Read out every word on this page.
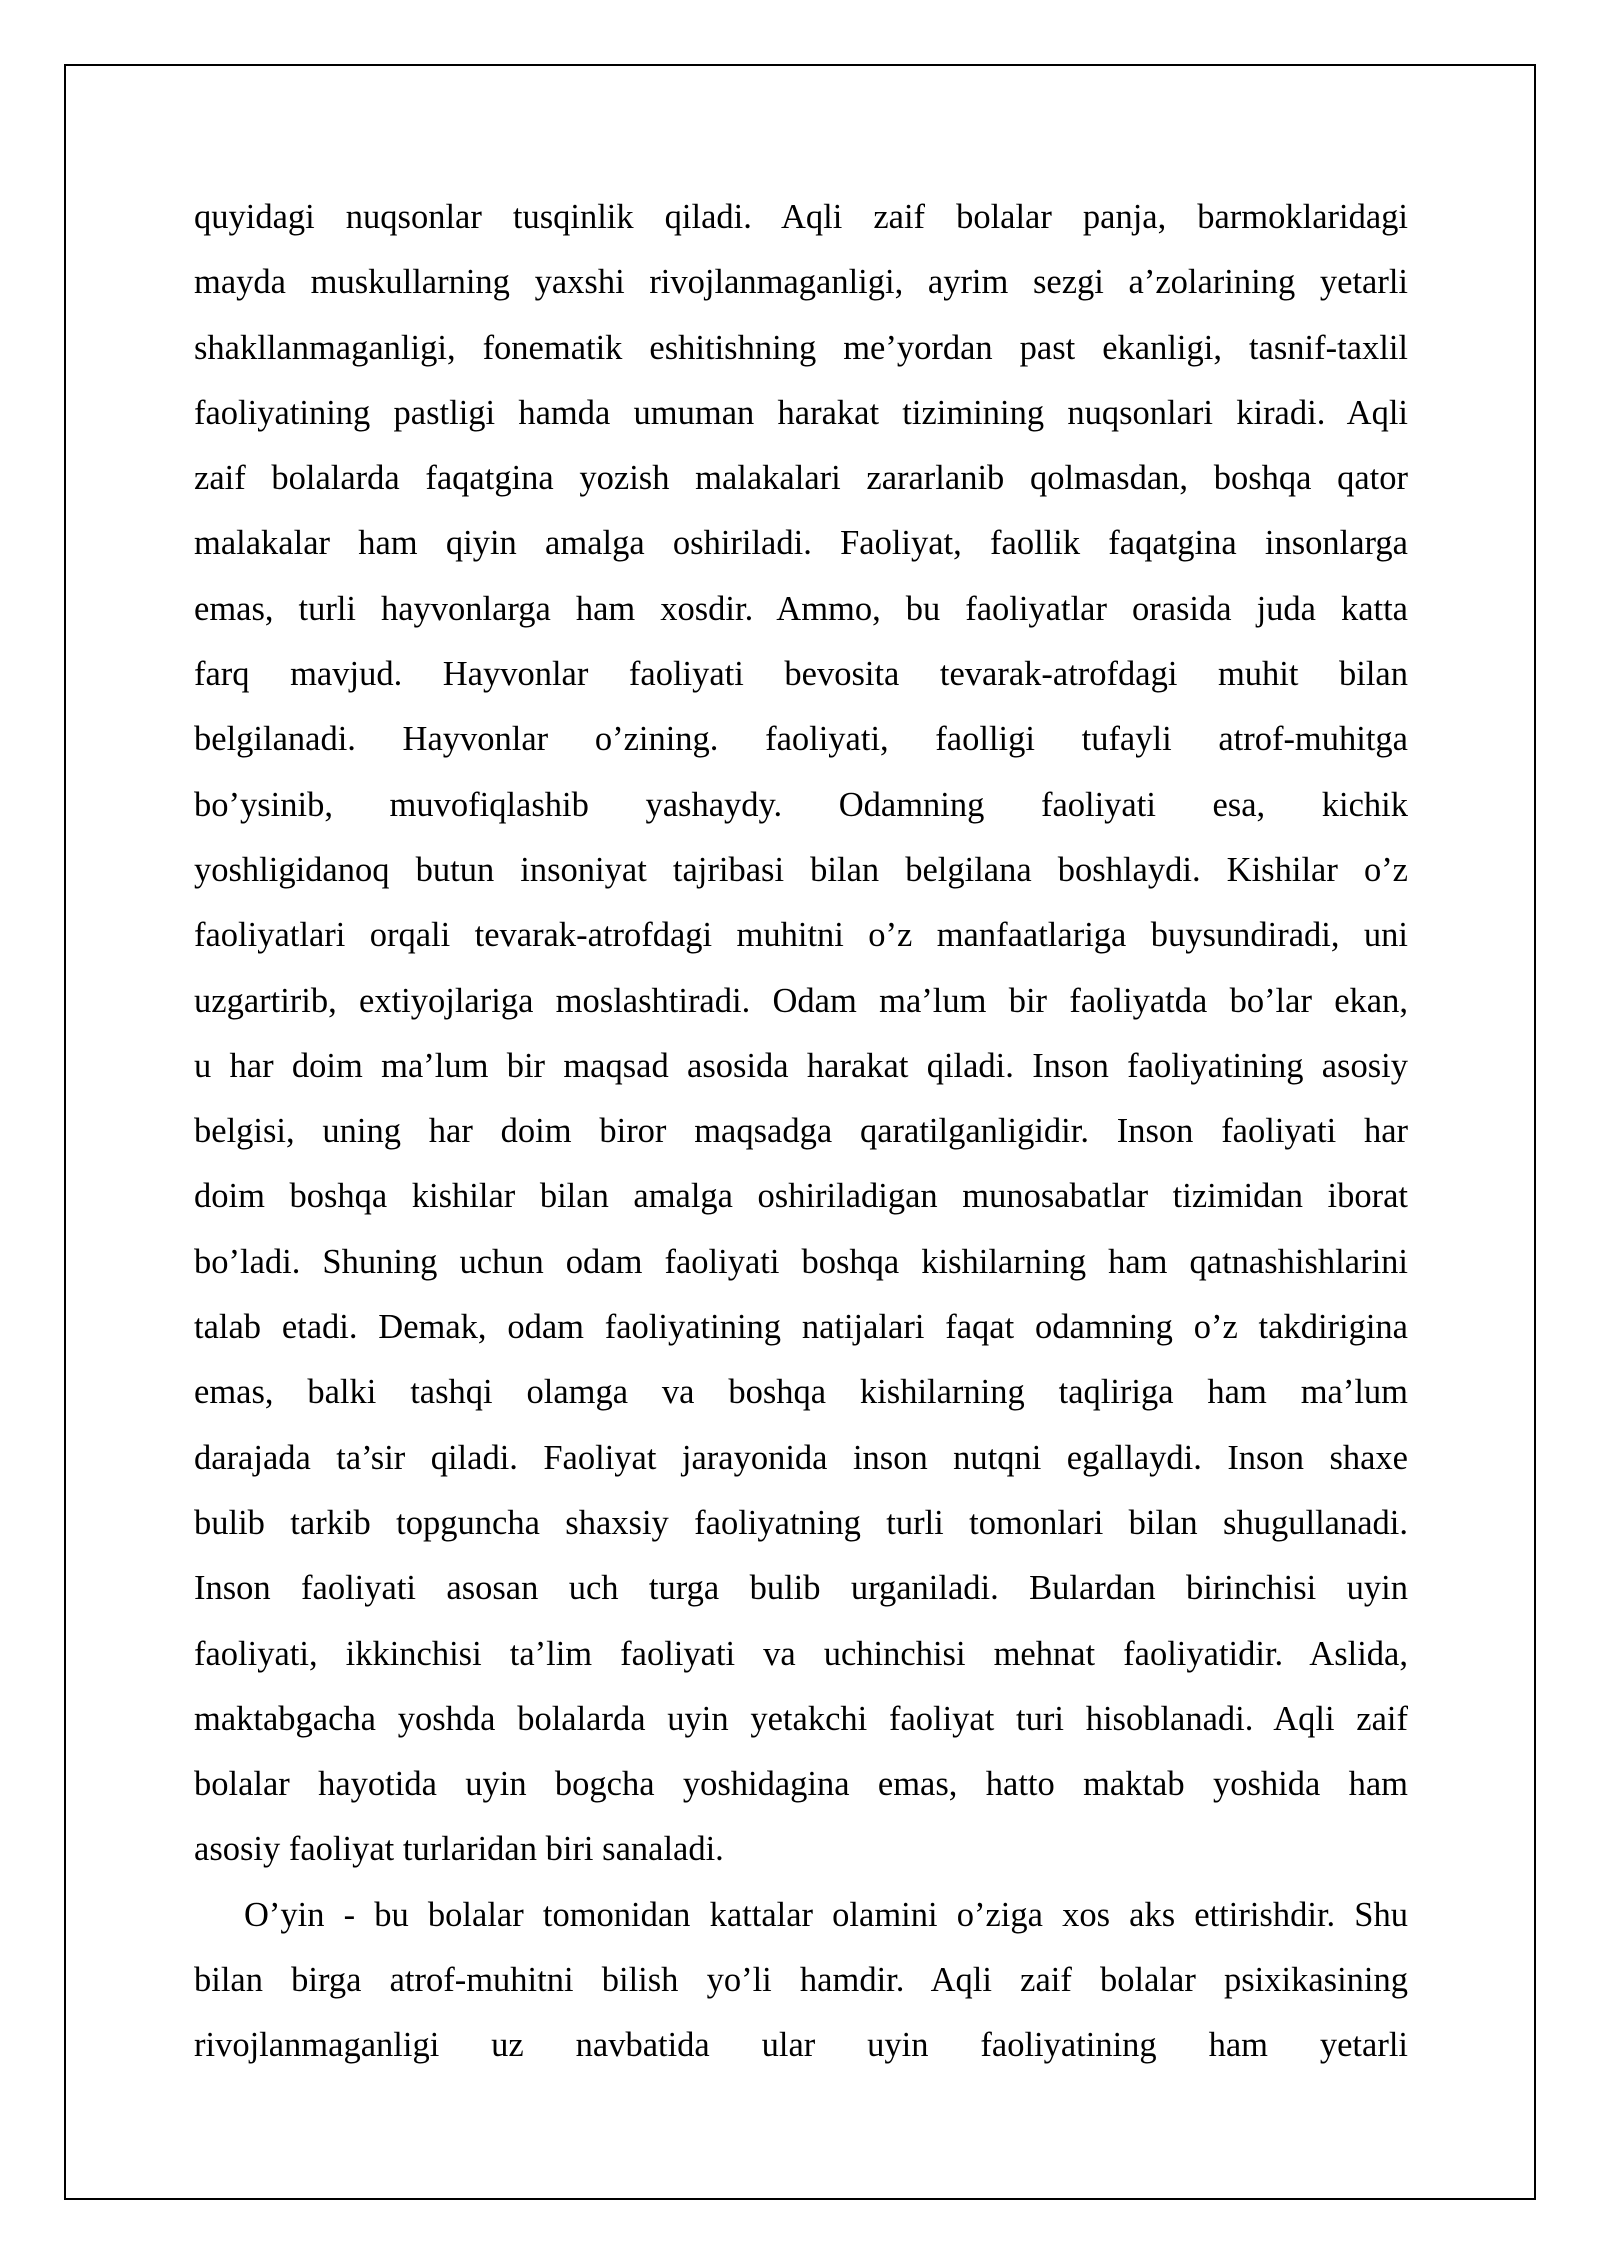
quyidagi nuqsonlar tusqinlik qiladi. Aqli zaif bolalar panja, barmoklaridagi
mayda muskullarning yaxshi rivojlanmaganligi, ayrim sezgi a’zolarining yetarli
shakllanmaganligi, fonematik eshitishning me’yordan past ekanligi, tasnif-taxlil
faoliyatining pastligi hamda umuman harakat tizimining nuqsonlari kiradi. Aqli
zaif bolalarda faqatgina yozish malakalari zararlanib qolmasdan, boshqa qator
malakalar ham qiyin amalga oshiriladi. Faoliyat, faollik faqatgina insonlarga
emas, turli hayvonlarga ham xosdir. Ammo, bu faoliyatlar orasida juda katta
farq mavjud. Hayvonlar faoliyati bevosita tevarak-atrofdagi muhit bilan
belgilanadi. Hayvonlar o’zining. faoliyati, faolligi tufayli atrof-muhitga
bo’ysinib, muvofiqlashib yashaydy. Odamning faoliyati esa, kichik
yoshligidanoq butun insoniyat tajribasi bilan belgilana boshlaydi. Kishilar o’z
faoliyatlari orqali tevarak-atrofdagi muhitni o’z manfaatlariga buysundiradi, uni
uzgartirib, extiyojlariga moslashtiradi. Odam ma’lum bir faoliyatda bo’lar ekan,
u har doim ma’lum bir maqsad asosida harakat qiladi. Inson faoliyatining asosiy
belgisi, uning har doim biror maqsadga qaratilganligidir. Inson faoliyati har
doim boshqa kishilar bilan amalga oshiriladigan munosabatlar tizimidan iborat
bo’ladi. Shuning uchun odam faoliyati boshqa kishilarning ham qatnashishlarini
talab etadi. Demak, odam faoliyatining natijalari faqat odamning o’z takdirigina
emas, balki tashqi olamga va boshqa kishilarning taqliriga ham ma’lum
darajada ta’sir qiladi. Faoliyat jarayonida inson nutqni egallaydi. Inson shaxe
bulib tarkib topguncha shaxsiy faoliyatning turli tomonlari bilan shugullanadi.
Inson faoliyati asosan uch turga bulib urganiladi. Bulardan birinchisi uyin
faoliyati, ikkinchisi ta’lim faoliyati va uchinchisi mehnat faoliyatidir. Aslida,
maktabgacha yoshda bolalarda uyin yetakchi faoliyat turi hisoblanadi. Aqli zaif
bolalar hayotida uyin bogcha yoshidagina emas, hatto maktab yoshida ham
asosiy faoliyat turlaridan biri sanaladi.
O’yin - bu bolalar tomonidan kattalar olamini o’ziga xos aks ettirishdir. Shu
bilan birga atrof-muhitni bilish yo’li hamdir. Aqli zaif bolalar psixikasining
rivojlanmaganligi uz navbatida ular uyin faoliyatining ham yetarli
